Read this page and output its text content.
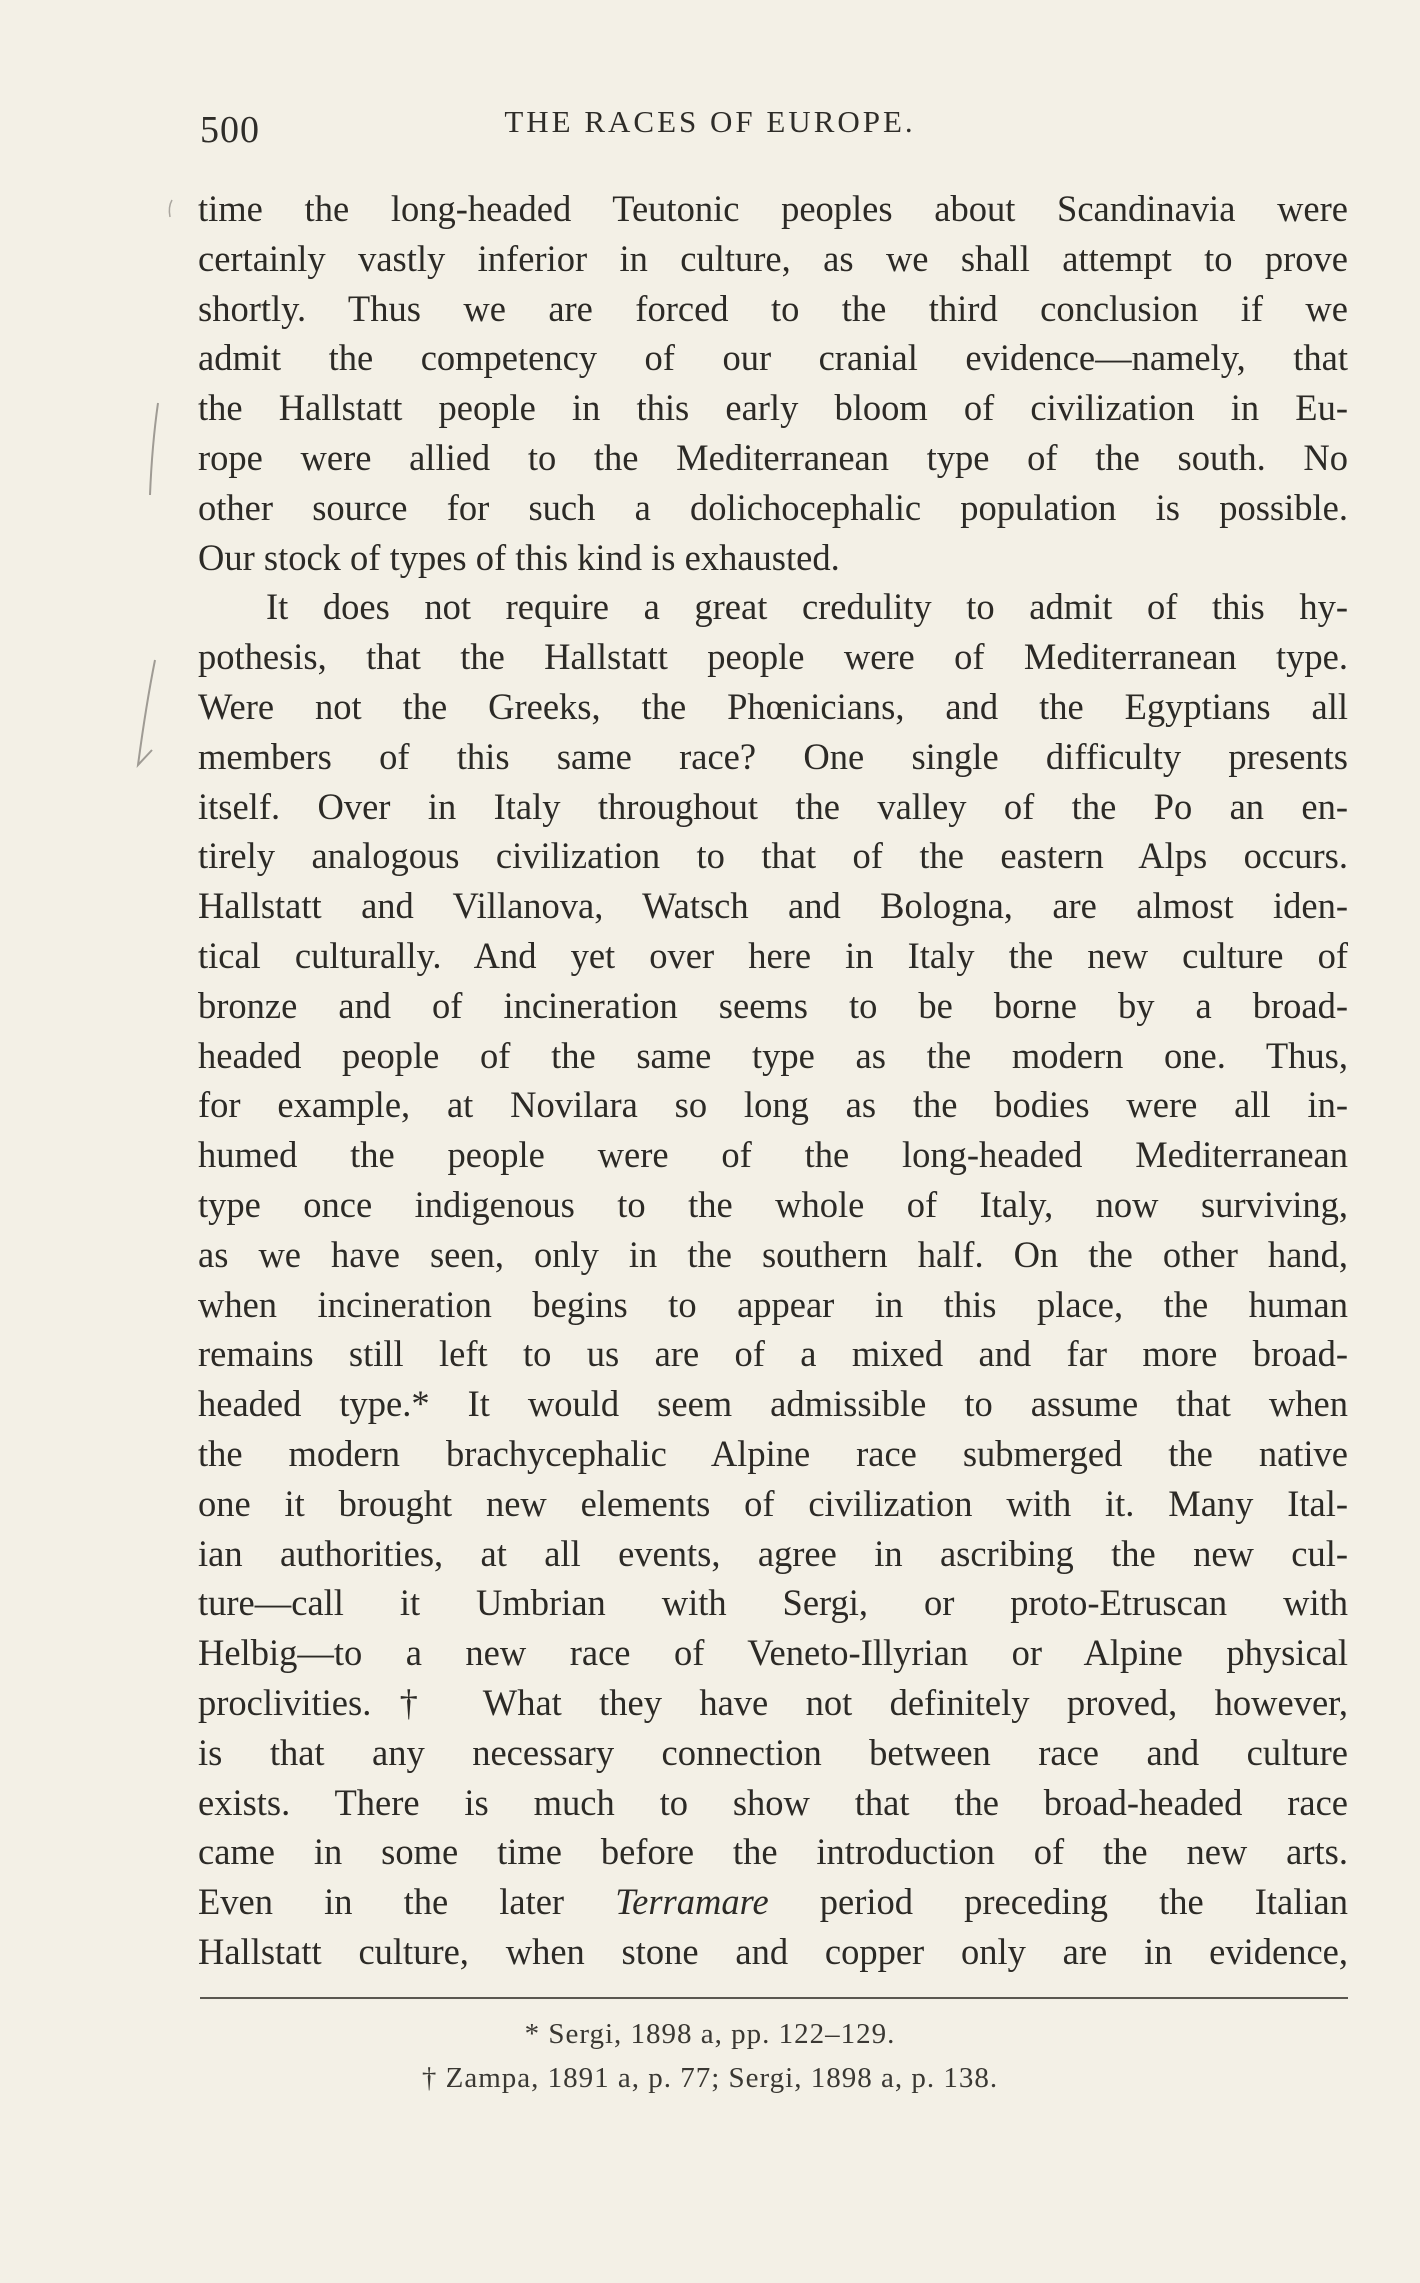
500	THE RACES OF EUROPE.
time the long-headed Teutonic peoples about Scandinavia were
certainly vastly inferior in culture, as we shall attempt to prove
shortly. Thus we are forced to the third conclusion if we
admit the competency of our cranial evidence—namely, that
the Hallstatt people in this early bloom of civilization in Eu-
rope were allied to the Mediterranean type of the south. No
other source for such a dolichocephalic population is possible.
Our stock of types of this kind is exhausted.
It does not require a great credulity to admit of this hy-
pothesis, that the Hallstatt people were of Mediterranean type.
Were not the Greeks, the Phœnicians, and the Egyptians all
members of this same race? One single difficulty presents
itself. Over in Italy throughout the valley of the Po an en-
tirely analogous civilization to that of the eastern Alps occurs.
Hallstatt and Villanova, Watsch and Bologna, are almost iden-
tical culturally. And yet over here in Italy the new culture of
bronze and of incineration seems to be borne by a broad-
headed people of the same type as the modern one. Thus,
for example, at Novilara so long as the bodies were all in-
humed the people were of the long-headed Mediterranean
type once indigenous to the whole of Italy, now surviving,
as we have seen, only in the southern half. On the other hand,
when incineration begins to appear in this place, the human
remains still left to us are of a mixed and far more broad-
headed type.* It would seem admissible to assume that when
the modern brachycephalic Alpine race submerged the native
one it brought new elements of civilization with it. Many Ital-
ian authorities, at all events, agree in ascribing the new cul-
ture—call it Umbrian with Sergi, or proto-Etruscan with
Helbig—to a new race of Veneto-Illyrian or Alpine physical
proclivities.† What they have not definitely proved, however,
is that any necessary connection between race and culture
exists. There is much to show that the broad-headed race
came in some time before the introduction of the new arts.
Even in the later Terramare period preceding the Italian
Hallstatt culture, when stone and copper only are in evidence,
* Sergi, 1898 a, pp. 122–129.
† Zampa, 1891 a, p. 77; Sergi, 1898 a, p. 138.
